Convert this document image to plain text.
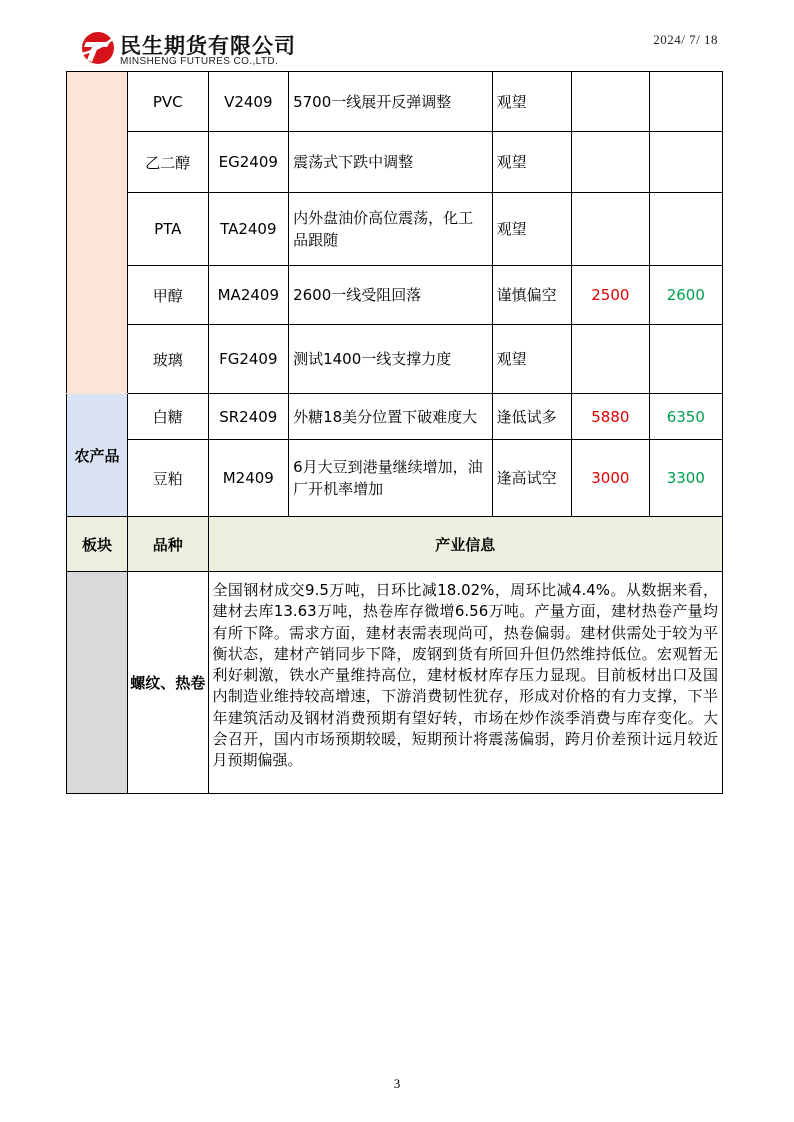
民生期货有限公司
MINSHENG FUTURES CO.,LTD.
2024/ 7/ 18
	PVC	V2409	5700一线展开反弹调整	观望		
	乙二醇	EG2409	震荡式下跌中调整	观望		
	PTA	TA2409	内外盘油价高位震荡，化工品跟随	观望		
	甲醇	MA2409	2600一线受阻回落	谨慎偏空	2500	2600
	玻璃	FG2409	测试1400一线支撑力度	观望		
农产品	白糖	SR2409	外糖18美分位置下破难度大	逢低试多	5880	6350
	豆粕	M2409	6月大豆到港量继续增加，油厂开机率增加	逢高试空	3000	3300
板块	品种	产业信息				
	螺纹、热卷	全国钢材成交9.5万吨，日环比减18.02%，周环比减4.4%。从数据来看，建材去库13.63万吨，热卷库存微增6.56万吨。产量方面，建材热卷产量均有所下降。需求方面，建材表需表现尚可，热卷偏弱。建材供需处于较为平衡状态，建材产销同步下降，废钢到货有所回升但仍然维持低位。宏观暂无利好刺激，铁水产量维持高位，建材板材库存压力显现。目前板材出口及国内制造业维持较高增速，下游消费韧性犹存，形成对价格的有力支撑，下半年建筑活动及钢材消费预期有望好转，市场在炒作淡季消费与库存变化。大会召开，国内市场预期较暖，短期预计将震荡偏弱，跨月价差预计远月较近月预期偏强。				
3
